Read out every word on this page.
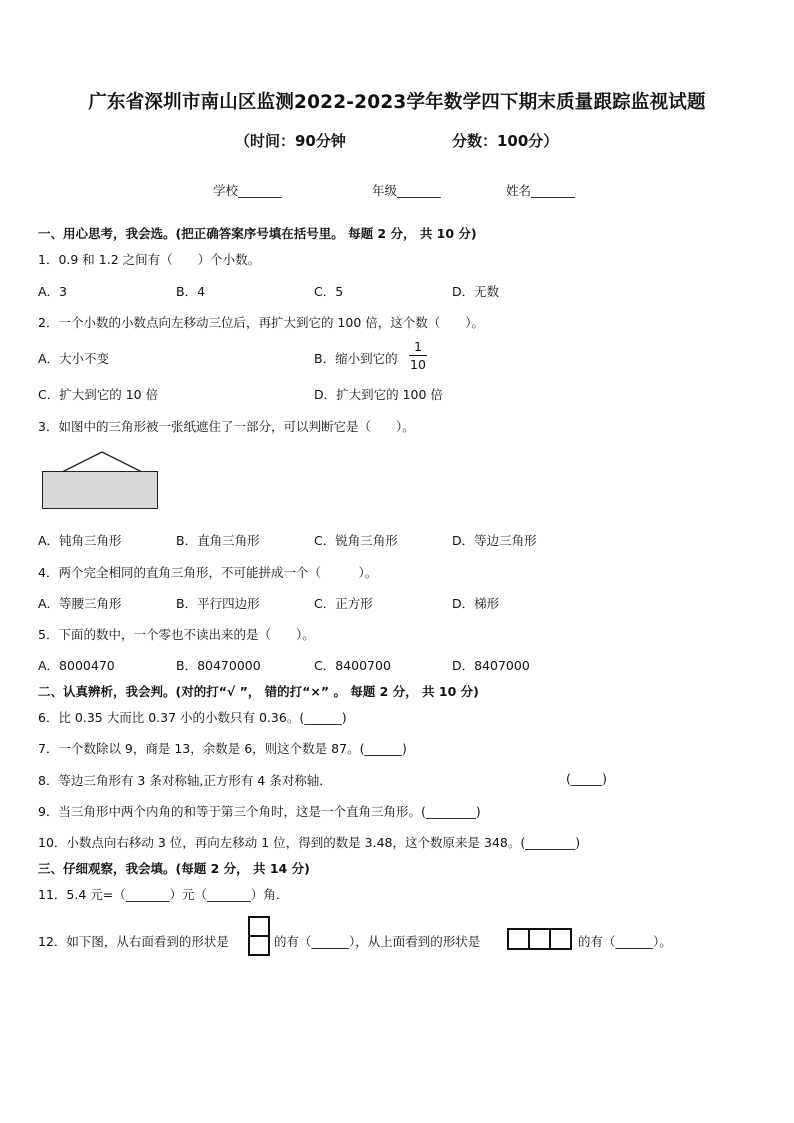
广东省深圳市南山区监测2022-2023学年数学四下期末质量跟踪监视试题
（时间：90分钟	分数：100分）
学校_______	年级_______	姓名_______
一、用心思考，我会选。(把正确答案序号填在括号里。 每题 2 分， 共 10 分)
1．0.9 和 1.2 之间有（　　）个小数。
A．3	B．4	C．5	D．无数
2．一个小数的小数点向左移动三位后，再扩大到它的 100 倍，这个数（　　）。
A．大小不变	B．缩小到它的
1
10
C．扩大到它的 10 倍	D．扩大到它的 100 倍
3．如图中的三角形被一张纸遮住了一部分，可以判断它是（　　）。
A．钝角三角形	B．直角三角形	C．锐角三角形	D．等边三角形
4．两个完全相同的直角三角形，不可能拼成一个（　　　）。
A．等腰三角形	B．平行四边形	C．正方形	D．梯形
5．下面的数中，一个零也不读出来的是（　　）。
A．8000470	B．80470000	C．8400700	D．8407000
二、认真辨析，我会判。(对的打“√ ”， 错的打“×” 。 每题 2 分， 共 10 分)
6．比 0.35 大而比 0.37 小的小数只有 0.36。(______)
7．一个数除以 9，商是 13，余数是 6，则这个数是 87。(______)
8．等边三角形有 3 条对称轴,正方形有 4 条对称轴．	(_____)
9．当三角形中两个内角的和等于第三个角时，这是一个直角三角形。(________)
10．小数点向右移动 3 位，再向左移动 1 位，得到的数是 3.48，这个数原来是 348。(________)
三、仔细观察，我会填。(每题 2 分， 共 14 分)
11．5.4 元=（_______）元（_______）角．
12．如下图，从右面看到的形状是	的有（______），从上面看到的形状是	的有（______）。
